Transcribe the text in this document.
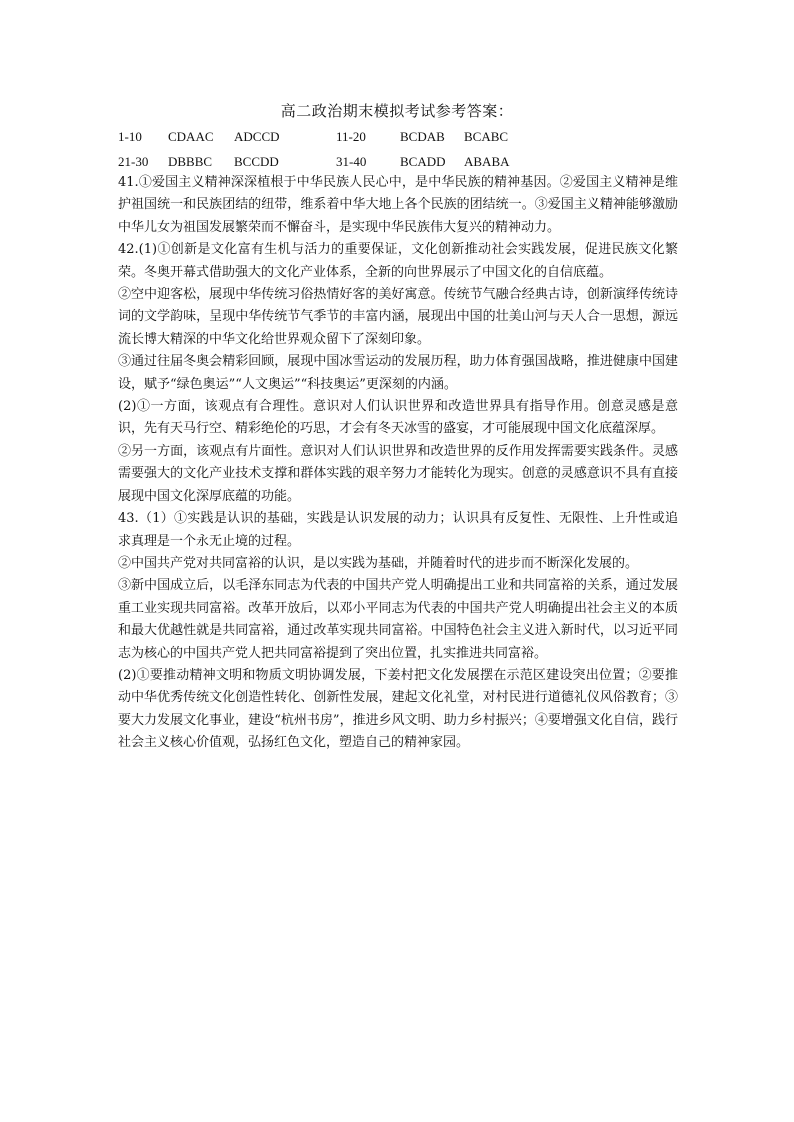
高二政治期末模拟考试参考答案：
1-10 CDAAC ADCCD	11-20	BCDAB BCABC
21-30 DBBBC BCCDD	31-40	BCADD ABABA

41.①爱国主义精神深深植根于中华民族人民心中，是中华民族的精神基因。②爱国主义精神是维护祖国统一和民族团结的纽带，维系着中华大地上各个民族的团结统一。③爱国主义精神能够激励中华儿女为祖国发展繁荣而不懈奋斗，是实现中华民族伟大复兴的精神动力。

42.(1)①创新是文化富有生机与活力的重要保证，文化创新推动社会实践发展，促进民族文化繁荣。冬奥开幕式借助强大的文化产业体系，全新的向世界展示了中国文化的自信底蕴。

②空中迎客松，展现中华传统习俗热情好客的美好寓意。传统节气融合经典古诗，创新演绎传统诗词的文学韵味，呈现中华传统节气季节的丰富内涵，展现出中国的壮美山河与天人合一思想，源远流长博大精深的中华文化给世界观众留下了深刻印象。

③通过往届冬奥会精彩回顾，展现中国冰雪运动的发展历程，助力体育强国战略，推进健康中国建设，赋予“绿色奥运”“人文奥运”“科技奥运”更深刻的内涵。

(2)①一方面，该观点有合理性。意识对人们认识世界和改造世界具有指导作用。创意灵感是意识，先有天马行空、精彩绝伦的巧思，才会有冬天冰雪的盛宴，才可能展现中国文化底蕴深厚。

②另一方面，该观点有片面性。意识对人们认识世界和改造世界的反作用发挥需要实践条件。灵感需要强大的文化产业技术支撑和群体实践的艰辛努力才能转化为现实。创意的灵感意识不具有直接展现中国文化深厚底蕴的功能。

43.（1）①实践是认识的基础，实践是认识发展的动力；认识具有反复性、无限性、上升性或追求真理是一个永无止境的过程。

②中国共产党对共同富裕的认识，是以实践为基础，并随着时代的进步而不断深化发展的。

③新中国成立后，以毛泽东同志为代表的中国共产党人明确提出工业和共同富裕的关系，通过发展重工业实现共同富裕。改革开放后，以邓小平同志为代表的中国共产党人明确提出社会主义的本质和最大优越性就是共同富裕，通过改革实现共同富裕。中国特色社会主义进入新时代，以习近平同志为核心的中国共产党人把共同富裕提到了突出位置，扎实推进共同富裕。

(2)①要推动精神文明和物质文明协调发展，下姜村把文化发展摆在示范区建设突出位置；②要推动中华优秀传统文化创造性转化、创新性发展，建起文化礼堂，对村民进行道德礼仪风俗教育；③要大力发展文化事业，建设“杭州书房”，推进乡风文明、助力乡村振兴；④要增强文化自信，践行社会主义核心价值观，弘扬红色文化，塑造自己的精神家园。
